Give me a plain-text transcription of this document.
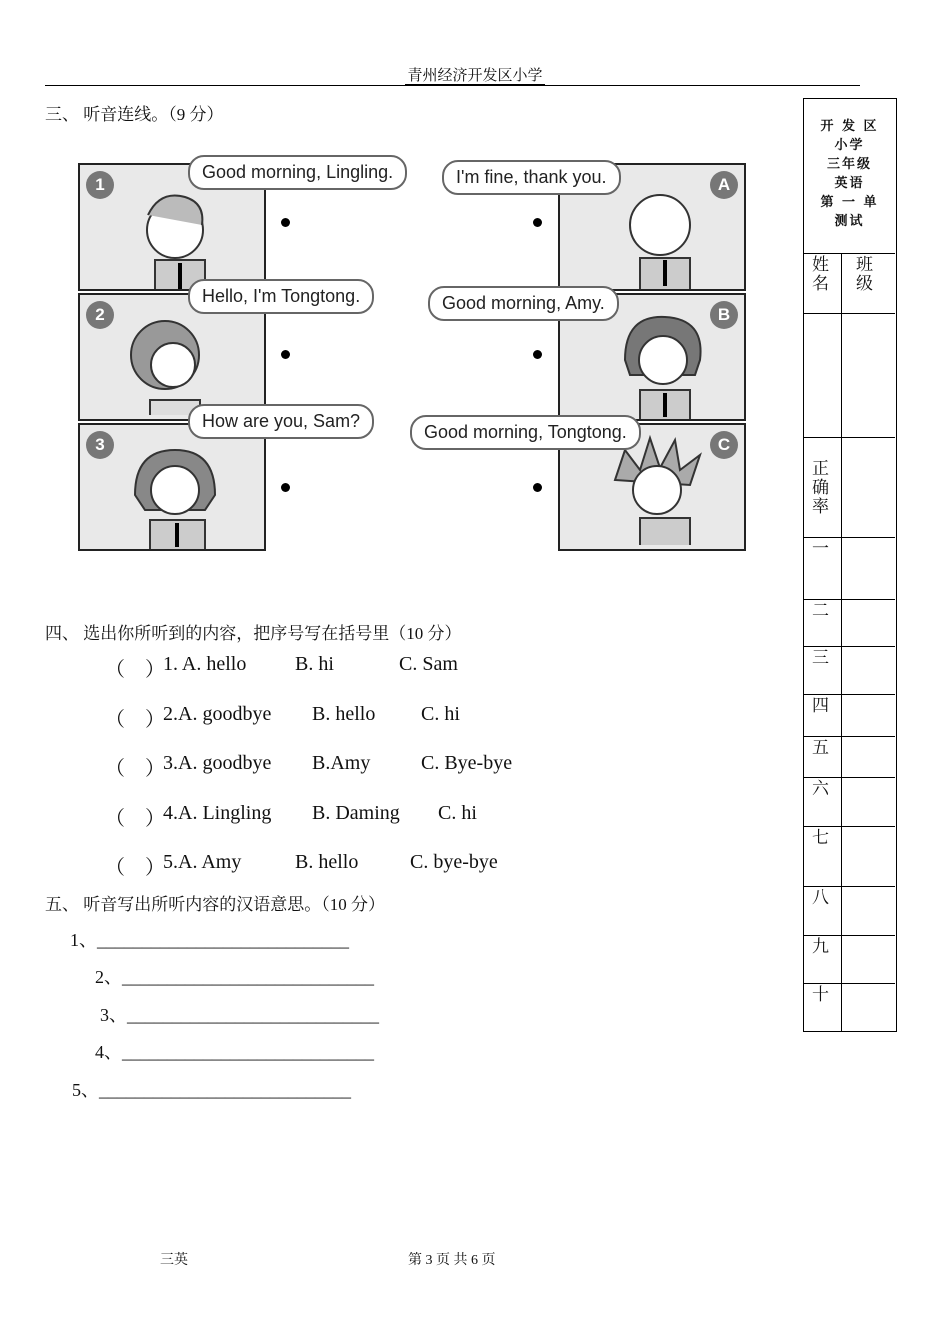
青州经济开发区小学
三、 听音连线。（9 分）
1
2
3
A
B
C
Good morning, Lingling.
Hello, I'm Tongtong.
How are you, Sam?
I'm fine, thank you.
Good morning, Amy.
Good morning, Tongtong.
四、 选出你所听到的内容，把序号写在括号里（10 分）
（　）
1. A. hello B. hi	C. Sam
（　）
2.A. goodbye B. hello C. hi
（　）
3.A. goodbye B.Amy	C. Bye-bye
（　）
4.A. Lingling B. Daming C. hi
（　）
5.A. Amy	B. hello	C. bye-bye
五、 听音写出所听内容的汉语意思。（10 分）
1、____________________________
2、____________________________
3、____________________________
4、____________________________
5、____________________________
开 发 区
小学
三年级
英语
第 一 单
测试
姓名
班级
正确率
一
二
三
四
五
六
七
八
九
十
三英	第 3 页 共 6 页
